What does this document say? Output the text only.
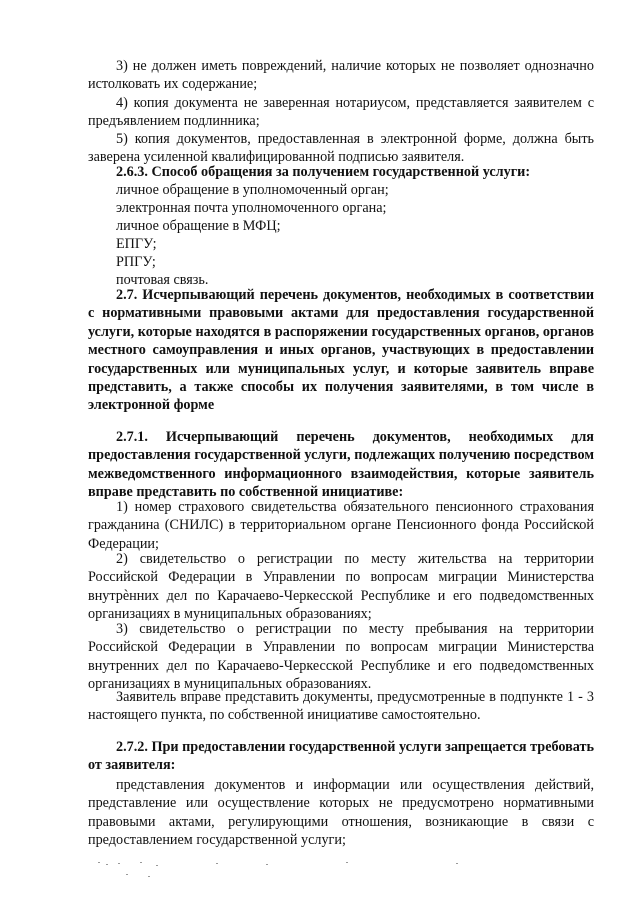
3) не должен иметь повреждений, наличие которых не позволяет однозначно истолковать их содержание;

4) копия документа не заверенная нотариусом, представляется заявителем с предъявлением подлинника;

5) копия документов, предоставленная в электронной форме, должна быть заверена усиленной квалифицированной подписью заявителя.

2.6.3. Способ обращения за получением государственной услуги:

личное обращение в уполномоченный орган;

электронная почта уполномоченного органа;

личное обращение в МФЦ;

ЕПГУ;

РПГУ;

почтовая связь.

2.7. Исчерпывающий перечень документов, необходимых в соответствии с нормативными правовыми актами для предоставления государственной услуги, которые находятся в распоряжении государственных органов, органов местного самоуправления и иных органов, участвующих в предоставлении государственных или муниципальных услуг, и которые заявитель вправе представить, а также способы их получения заявителями, в том числе в электронной форме

2.7.1. Исчерпывающий перечень документов, необходимых для предоставления государственной услуги, подлежащих получению посредством межведомственного информационного взаимодействия, которые заявитель вправе представить по собственной инициативе:

1) номер страхового свидетельства обязательного пенсионного страхования гражданина (СНИЛС) в территориальном органе Пенсионного фонда Российской Федерации;

2) свидетельство о регистрации по месту жительства на территории Российской Федерации в Управлении по вопросам миграции Министерства внутрѐнних дел по Карачаево-Черкесской Республике и его подведомственных организациях в муниципальных образованиях;

3) свидетельство о регистрации по месту пребывания на территории Российской Федерации в Управлении по вопросам миграции Министерства внутренних дел по Карачаево-Черкесской Республике и его подведомственных организациях в муниципальных образованиях.

Заявитель вправе представить документы, предусмотренные в подпункте 1 - 3 настоящего пункта, по собственной инициативе самостоятельно.

2.7.2. При предоставлении государственной услуги запрещается требовать от заявителя:

представления документов и информации или осуществления действий, представление или осуществление которых не предусмотрено нормативными правовыми актами, регулирующими отношения, возникающие в связи с предоставлением государственной услуги;
